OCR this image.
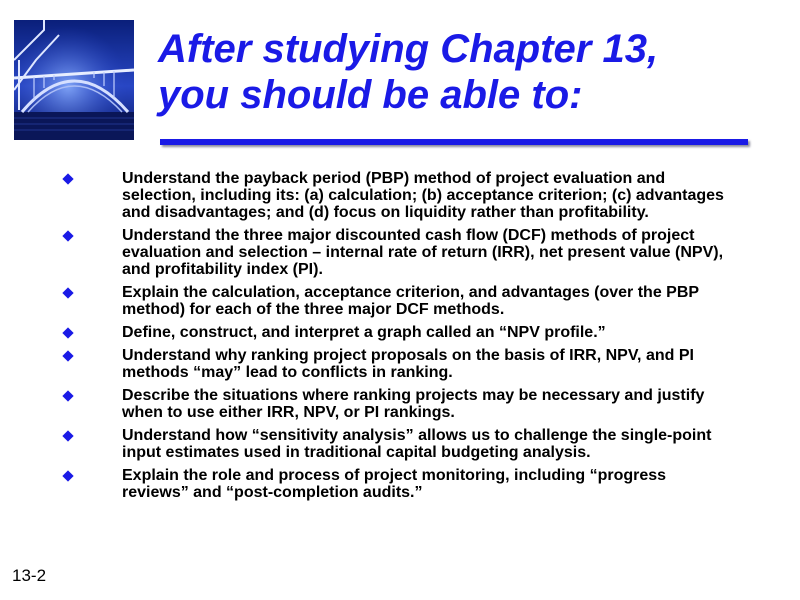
After studying Chapter 13,
you should be able to:
Understand the payback period (PBP) method of project evaluation and selection, including its: (a) calculation; (b) acceptance criterion; (c) advantages and disadvantages; and (d) focus on liquidity rather than profitability.
Understand the three major discounted cash flow (DCF) methods of project evaluation and selection – internal rate of return (IRR), net present value (NPV), and profitability index (PI).
Explain the calculation, acceptance criterion, and advantages (over the PBP method) for each of the three major DCF methods.
Define, construct, and interpret a graph called an “NPV profile.”
Understand why ranking project proposals on the basis of IRR, NPV, and PI methods “may” lead to conflicts in ranking.
Describe the situations where ranking projects may be necessary and justify when to use either IRR, NPV, or PI rankings.
Understand how “sensitivity analysis” allows us to challenge the single-point input estimates used in traditional capital budgeting analysis.
Explain the role and process of project monitoring, including “progress reviews” and “post-completion audits.”
13-2
